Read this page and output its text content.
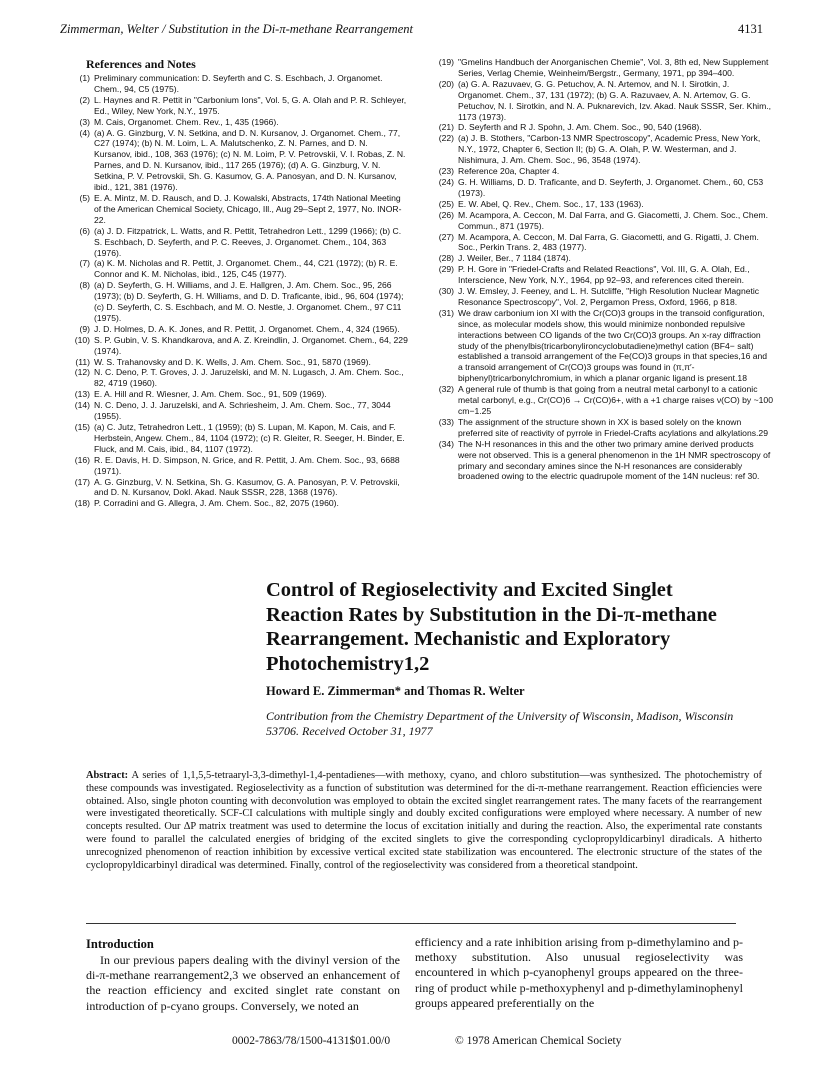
Zimmerman, Welter / Substitution in the Di-π-methane Rearrangement	4131
References and Notes

(1) Preliminary communication: D. Seyferth and C. S. Eschbach, J. Organomet. Chem., 94, C5 (1975).

(2) L. Haynes and R. Pettit in "Carbonium Ions", Vol. 5, G. A. Olah and P. R. Schleyer, Ed., Wiley, New York, N.Y., 1975.

(3) M. Cais, Organomet. Chem. Rev., 1, 435 (1966).

(4) (a) A. G. Ginzburg, V. N. Setkina, and D. N. Kursanov, J. Organomet. Chem., 77, C27 (1974); (b) N. M. Loim, L. A. Malutschenko, Z. N. Parnes, and D. N. Kursanov, ibid., 108, 363 (1976); (c) N. M. Loim, P. V. Petrovskii, V. I. Robas, Z. N. Parnes, and D. N. Kursanov, ibid., 117 265 (1976); (d) A. G. Ginzburg, V. N. Setkina, P. V. Petrovskii, Sh. G. Kasumov, G. A. Panosyan, and D. N. Kursanov, ibid., 121, 381 (1976).

(5) E. A. Mintz, M. D. Rausch, and D. J. Kowalski, Abstracts, 174th National Meeting of the American Chemical Society, Chicago, Ill., Aug 29–Sept 2, 1977, No. INOR-22.

(6) (a) J. D. Fitzpatrick, L. Watts, and R. Pettit, Tetrahedron Lett., 1299 (1966); (b) C. S. Eschbach, D. Seyferth, and P. C. Reeves, J. Organomet. Chem., 104, 363 (1976).

(7) (a) K. M. Nicholas and R. Pettit, J. Organomet. Chem., 44, C21 (1972); (b) R. E. Connor and K. M. Nicholas, ibid., 125, C45 (1977).

(8) (a) D. Seyferth, G. H. Williams, and J. E. Hallgren, J. Am. Chem. Soc., 95, 266 (1973); (b) D. Seyferth, G. H. Williams, and D. D. Traficante, ibid., 96, 604 (1974); (c) D. Seyferth, C. S. Eschbach, and M. O. Nestle, J. Organomet. Chem., 97 C11 (1975).

(9) J. D. Holmes, D. A. K. Jones, and R. Pettit, J. Organomet. Chem., 4, 324 (1965).

(10) S. P. Gubin, V. S. Khandkarova, and A. Z. Kreindlin, J. Organomet. Chem., 64, 229 (1974).

(11) W. S. Trahanovsky and D. K. Wells, J. Am. Chem. Soc., 91, 5870 (1969).

(12) N. C. Deno, P. T. Groves, J. J. Jaruzelski, and M. N. Lugasch, J. Am. Chem. Soc., 82, 4719 (1960).

(13) E. A. Hill and R. Wiesner, J. Am. Chem. Soc., 91, 509 (1969).

(14) N. C. Deno, J. J. Jaruzelski, and A. Schriesheim, J. Am. Chem. Soc., 77, 3044 (1955).

(15) (a) C. Jutz, Tetrahedron Lett., 1 (1959); (b) S. Lupan, M. Kapon, M. Cais, and F. Herbstein, Angew. Chem., 84, 1104 (1972); (c) R. Gleiter, R. Seeger, H. Binder, E. Fluck, and M. Cais, ibid., 84, 1107 (1972).

(16) R. E. Davis, H. D. Simpson, N. Grice, and R. Pettit, J. Am. Chem. Soc., 93, 6688 (1971).

(17) A. G. Ginzburg, V. N. Setkina, Sh. G. Kasumov, G. A. Panosyan, P. V. Petrovskii, and D. N. Kursanov, Dokl. Akad. Nauk SSSR, 228, 1368 (1976).

(18) P. Corradini and G. Allegra, J. Am. Chem. Soc., 82, 2075 (1960).

(19) "Gmelins Handbuch der Anorganischen Chemie", Vol. 3, 8th ed, New Supplement Series, Verlag Chemie, Weinheim/Bergstr., Germany, 1971, pp 394–400.

(20) (a) G. A. Razuvaev, G. G. Petuchov, A. N. Artemov, and N. I. Sirotkin, J. Organomet. Chem., 37, 131 (1972); (b) G. A. Razuvaev, A. N. Artemov, G. G. Petuchov, N. I. Sirotkin, and N. A. Puknarevich, Izv. Akad. Nauk SSSR, Ser. Khim., 1173 (1973).

(21) D. Seyferth and R J. Spohn, J. Am. Chem. Soc., 90, 540 (1968).

(22) (a) J. B. Stothers, "Carbon-13 NMR Spectroscopy", Academic Press, New York, N.Y., 1972, Chapter 6, Section II; (b) G. A. Olah, P. W. Westerman, and J. Nishimura, J. Am. Chem. Soc., 96, 3548 (1974).

(23) Reference 20a, Chapter 4.

(24) G. H. Williams, D. D. Traficante, and D. Seyferth, J. Organomet. Chem., 60, C53 (1973).

(25) E. W. Abel, Q. Rev., Chem. Soc., 17, 133 (1963).

(26) M. Acampora, A. Ceccon, M. Dal Farra, and G. Giacometti, J. Chem. Soc., Chem. Commun., 871 (1975).

(27) M. Acampora, A. Ceccon, M. Dal Farra, G. Giacometti, and G. Rigatti, J. Chem. Soc., Perkin Trans. 2, 483 (1977).

(28) J. Weiler, Ber., 7 1184 (1874).

(29) P. H. Gore in "Friedel-Crafts and Related Reactions", Vol. III, G. A. Olah, Ed., Interscience, New York, N.Y., 1964, pp 92–93, and references cited therein.

(30) J. W. Emsley, J. Feeney, and L. H. Sutcliffe, "High Resolution Nuclear Magnetic Resonance Spectroscopy", Vol. 2, Pergamon Press, Oxford, 1966, p 818.

(31) We draw carbonium ion XI with the Cr(CO)3 groups in the transoid configuration, since, as molecular models show, this would minimize nonbonded repulsive interactions between CO ligands of the two Cr(CO)3 groups. An x-ray diffraction study of the phenylbis(tricarbonylironcyclobutadiene)methyl cation (BF4− salt) established a transoid arrangement of the Fe(CO)3 groups in that species,16 and a transoid arrangement of Cr(CO)3 groups was found in (π,π′-biphenyl)tricarbonylchromium, in which a planar organic ligand is present.18

(32) A general rule of thumb is that going from a neutral metal carbonyl to a cationic metal carbonyl, e.g., Cr(CO)6 → Cr(CO)6+, with a +1 charge raises ν(CO) by ~100 cm−1.25

(33) The assignment of the structure shown in XX is based solely on the known preferred site of reactivity of pyrrole in Friedel-Crafts acylations and alkylations.29

(34) The N-H resonances in this and the other two primary amine derived products were not observed. This is a general phenomenon in the 1H NMR spectroscopy of primary and secondary amines since the N-H resonances are considerably broadened owing to the electric quadrupole moment of the 14N nucleus: ref 30.

Control of Regioselectivity and Excited Singlet Reaction Rates by Substitution in the Di-π-methane Rearrangement. Mechanistic and Exploratory Photochemistry1,2
Howard E. Zimmerman* and Thomas R. Welter
Contribution from the Chemistry Department of the University of Wisconsin, Madison, Wisconsin 53706. Received October 31, 1977
Abstract: A series of 1,1,5,5-tetraaryl-3,3-dimethyl-1,4-pentadienes—with methoxy, cyano, and chloro substitution—was synthesized. The photochemistry of these compounds was investigated. Regioselectivity as a function of substitution was determined for the di-π-methane rearrangement. Reaction efficiencies were obtained. Also, single photon counting with deconvolution was employed to obtain the excited singlet rearrangement rates. The many facets of the rearrangement were investigated theoretically. SCF-CI calculations with multiple singly and doubly excited configurations were employed where necessary. A number of new concepts resulted. Our ΔP matrix treatment was used to determine the locus of excitation initially and during the reaction. Also, the experimental rate constants were found to parallel the calculated energies of bridging of the excited singlets to give the corresponding cyclopropyldicarbinyl diradicals. A hitherto unrecognized phenomenon of reaction inhibition by excessive vertical excited state stabilization was encountered. The electronic structure of the states of the cyclopropyldicarbinyl diradical was determined. Finally, control of the regioselectivity was considered from a theoretical standpoint.
Introduction
In our previous papers dealing with the divinyl version of the di-π-methane rearrangement2,3 we observed an enhancement of the reaction efficiency and excited singlet rate constant on introduction of p-cyano groups. Conversely, we noted an
efficiency and a rate inhibition arising from p-dimethylamino and p-methoxy substitution. Also unusual regioselectivity was encountered in which p-cyanophenyl groups appeared on the three-ring of product while p-methoxyphenyl and p-dimethylaminophenyl groups appeared preferentially on the
0002-7863/78/1500-4131$01.00/0	© 1978 American Chemical Society
